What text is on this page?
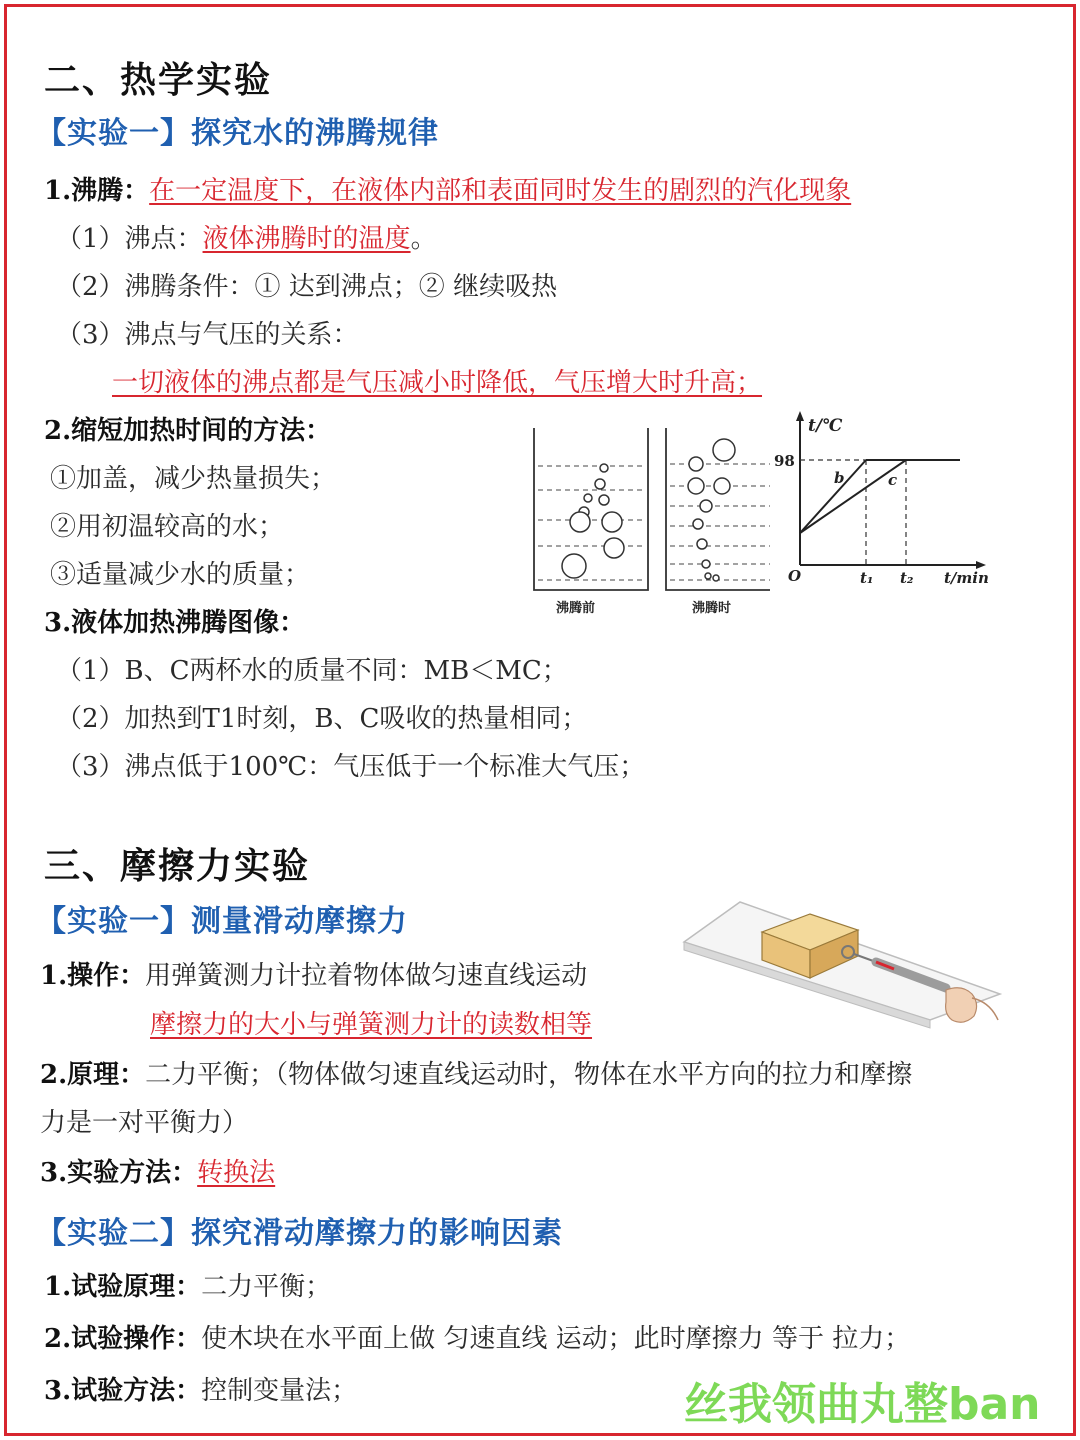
二、热学实验
【实验一】探究水的沸腾规律
1.沸腾：在一定温度下，在液体内部和表面同时发生的剧烈的汽化现象
（1）沸点：液体沸腾时的温度。
（2）沸腾条件：① 达到沸点；② 继续吸热
（3）沸点与气压的关系：
一切液体的沸点都是气压减小时降低，气压增大时升高；
2.缩短加热时间的方法：
①加盖，减少热量损失；
②用初温较高的水；
③适量减少水的质量；
3.液体加热沸腾图像：
（1）B、C两杯水的质量不同：MB＜MC；
（2）加热到T1时刻，B、C吸收的热量相同；
（3）沸点低于100℃：气压低于一个标准大气压；
沸腾前	沸腾时
t/℃
98
b	c
O	t₁ t₂ t/min
三、摩擦力实验
【实验一】测量滑动摩擦力
1.操作：用弹簧测力计拉着物体做匀速直线运动
摩擦力的大小与弹簧测力计的读数相等
2.原理：二力平衡；（物体做匀速直线运动时，物体在水平方向的拉力和摩擦
力是一对平衡力）
3.实验方法：转换法
【实验二】探究滑动摩擦力的影响因素
1.试验原理：二力平衡；
2.试验操作：使木块在水平面上做 匀速直线 运动；此时摩擦力 等于 拉力；
3.试验方法：控制变量法；	丝我领曲丸整ban
